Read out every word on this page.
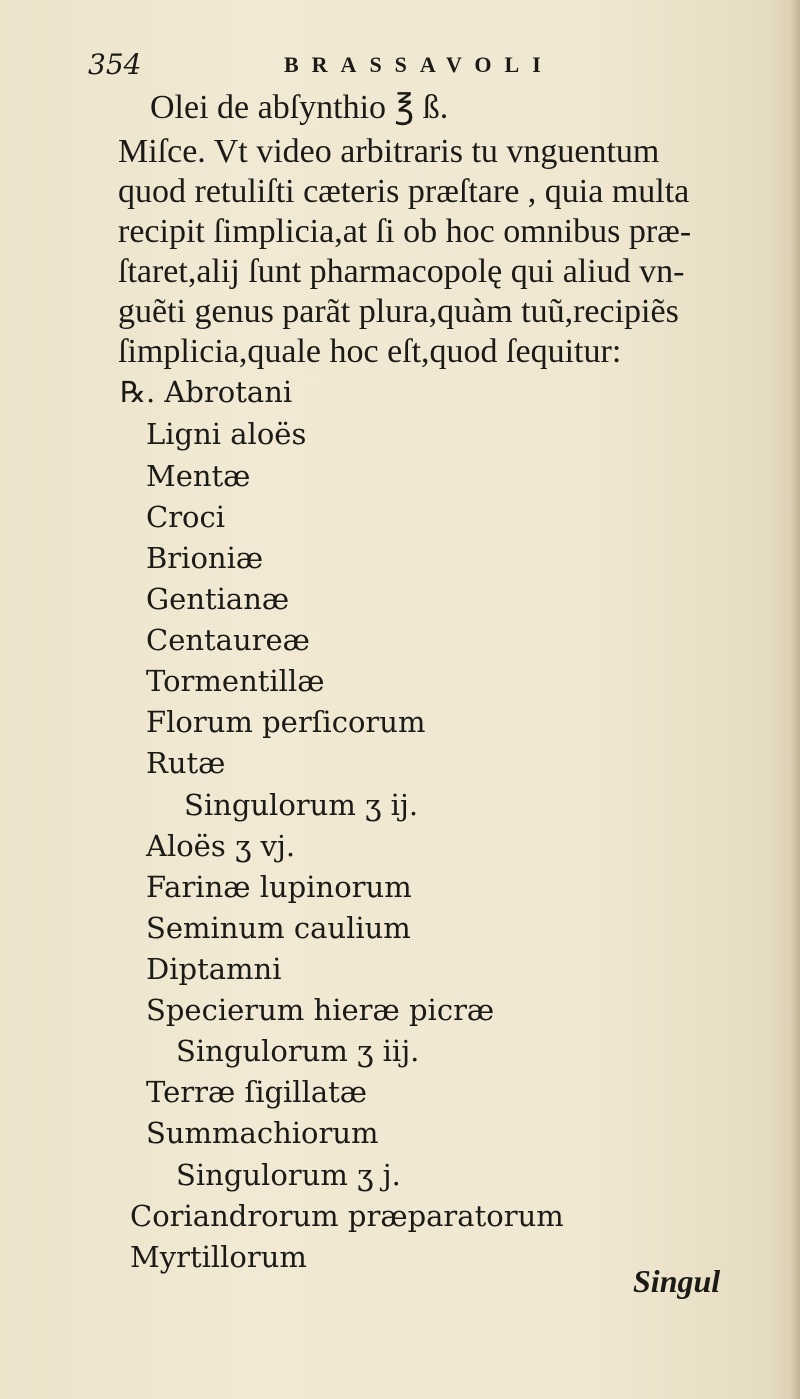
354	BRASSAVOLI
Olei de abſynthio ℥ ß.
Miſce. Vt video arbitraris tu vnguentum
quod retuliſti cæteris præſtare , quia multa
recipit ſimplicia,at ſi ob hoc omnibus præ-
ſtaret,alij ſunt pharmacopolę qui aliud vn-
guẽti genus parãt plura,quàm tuũ,recipiẽs
ſimplicia,quale hoc eſt,quod ſequitur:
℞. Abrotani
Ligni aloës
Mentæ
Croci
Brioniæ
Gentianæ
Centaureæ
Tormentillæ
Florum perſicorum
Rutæ
Singulorum ʒ ij.
Aloës ʒ vj.
Farinæ lupinorum
Seminum caulium
Diptamni
Specierum hieræ picræ
Singulorum ʒ iij.
Terræ ſigillatæ
Summachiorum
Singulorum ʒ j.
Coriandrorum præparatorum
Myrtillorum
Singul
